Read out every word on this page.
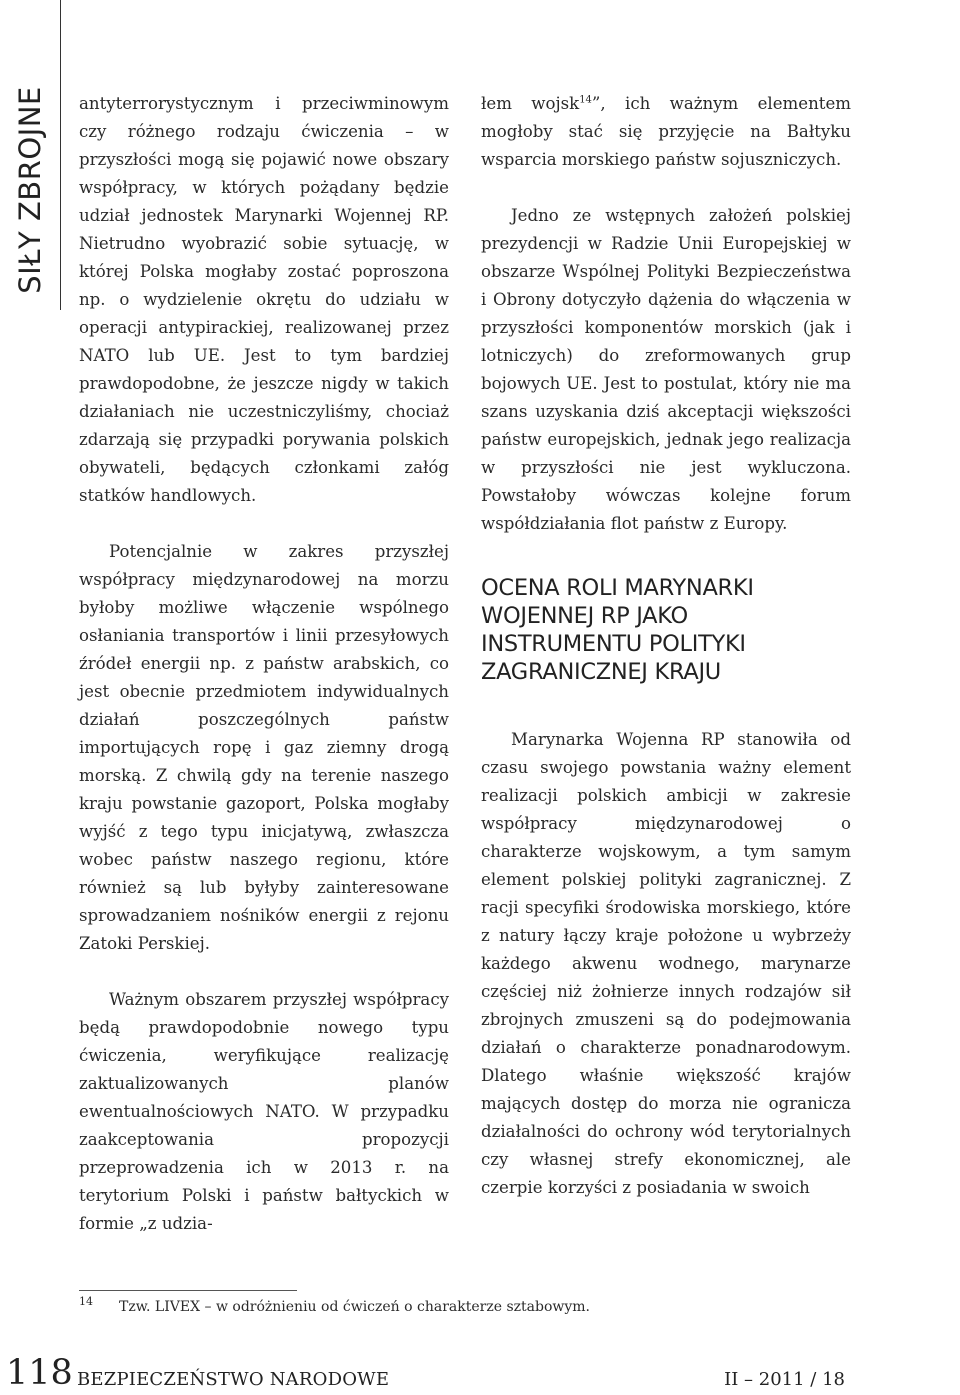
SIŁY ZBROJNE antyterrorystycznym i przeciwminowym czy różnego rodzaju ćwiczenia – w przyszłości mogą się pojawić nowe obszary współpracy, w których pożądany będzie udział jednostek Marynarki Wojennej RP. Nietrudno wyobrazić sobie sytuację, w której Polska mogłaby zostać poproszona np. o wydzielenie okrętu do udziału w operacji antypirackiej, realizowanej przez NATO lub UE. Jest to tym bardziej prawdopodobne, że jeszcze nigdy w takich działaniach nie uczestniczyliśmy, chociaż zdarzają się przypadki porywania polskich obywateli, będących członkami załóg statków handlowych.

Potencjalnie w zakres przyszłej współpracy międzynarodowej na morzu byłoby możliwe włączenie wspólnego osłaniania transportów i linii przesyłowych źródeł energii np. z państw arabskich, co jest obecnie przedmiotem indywidualnych działań poszczególnych państw importujących ropę i gaz ziemny drogą morską. Z chwilą gdy na terenie naszego kraju powstanie gazoport, Polska mogłaby wyjść z tego typu inicjatywą, zwłaszcza wobec państw naszego regionu, które również są lub byłyby zainteresowane sprowadzaniem nośników energii z rejonu Zatoki Perskiej.

Ważnym obszarem przyszłej współpracy będą prawdopodobnie nowego typu ćwiczenia, weryfikujące realizację zaktualizowanych planów ewentualnościowych NATO. W przypadku zaakceptowania propozycji przeprowadzenia ich w 2013 r. na terytorium Polski i państw bałtyckich w formie „z udzia-

łem wojsk$^{14}$”, ich ważnym elementem mogłoby stać się przyjęcie na Bałtyku wsparcia morskiego państw sojuszniczych.

Jedno ze wstępnych założeń polskiej prezydencji w Radzie Unii Europejskiej w obszarze Wspólnej Polityki Bezpieczeństwa i Obrony dotyczyło dążenia do włączenia w przyszłości komponentów morskich (jak i lotniczych) do zreformowanych grup bojowych UE. Jest to postulat, który nie ma szans uzyskania dziś akceptacji większości państw europejskich, jednak jego realizacja w przyszłości nie jest wykluczona. Powstałoby wówczas kolejne forum współdziałania flot państw z Europy.

OCENA ROLI MARYNARKI WOJENNEJ RP JAKO INSTRUMENTU POLITYKI ZAGRANICZNEJ KRAJU

Marynarka Wojenna RP stanowiła od czasu swojego powstania ważny element realizacji polskich ambicji w zakresie współpracy międzynarodowej o charakterze wojskowym, a tym samym element polskiej polityki zagranicznej. Z racji specyfiki środowiska morskiego, które z natury łączy kraje położone u wybrzeży każdego akwenu wodnego, marynarze częściej niż żołnierze innych rodzajów sił zbrojnych zmuszeni są do podejmowania działań o charakterze ponadnarodowym. Dlatego właśnie większość krajów mających dostęp do morza nie ogranicza działalności do ochrony wód terytorialnych czy własnej strefy ekonomicznej, ale czerpie korzyści z posiadania w swoich

14 Tzw. LIVEX – w odróżnieniu od ćwiczeń o charakterze sztabowym.
118 BEZPIECZEŃSTWO NARODOWE	II – 2011 / 18
